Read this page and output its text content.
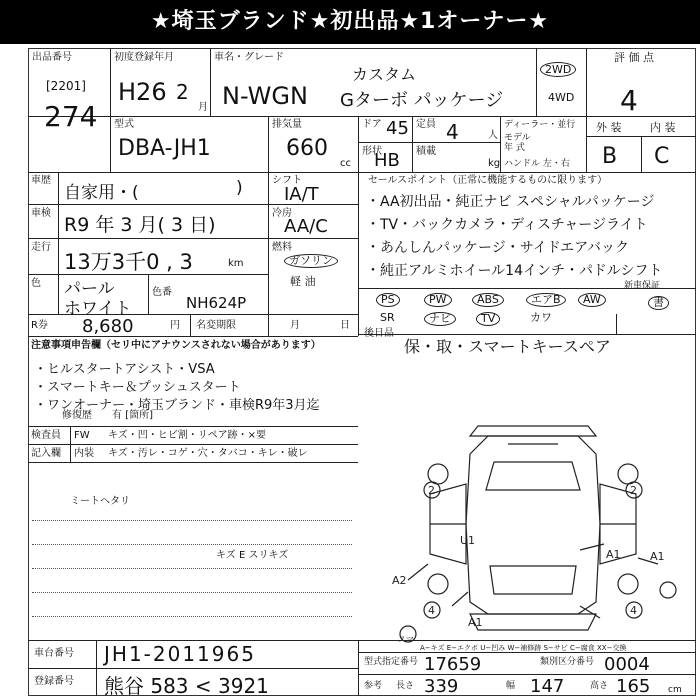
★埼玉ブランド★初出品★1オーナー★
出品番号
[2201]
274
初度登録年月
H26 2
月
車名・グレード
カスタム
N-WGN Gターボ パッケージ
2WD
4WD
評 価 点
4
型式
DBA-JH1
排気量
660
cc
ドア 45
形状
HB
定員 4	人
積載
kg
ディーラー・並行
モデル
年 式
ハンドル 左・右
外 装	内 装
B C
車歴
自家用・(	)
車検
R9 年 3 月( 3 日)
走行
13万3千0 , 3	km
色 パール
ホワイト
色番
NH624P
R券 8,680	円 名変期限	月	日
シフト
IA/T
冷房
AA/C
燃料
ガソリン
軽 油
セールスポイント（正常に機能するものに限ります）
・AA初出品・純正ナビ スペシャルパッケージ
・TV・バックカメラ・ディスチャージライト
・あんしんパッケージ・サイドエアバック
・純正アルミホイール14インチ・パドルシフト
PS	PW	ABS	エアB	AW
SR	ナビ	TV	カワ
新車保証
書
後日品
保・取・スマートキースペア
注意事項申告欄（セリ中にアナウンスされない場合があります）
・ヒルスタートアシスト・VSA
・スマートキー＆プッシュスタート
・ワンオーナー・埼玉ブランド・車検R9年3月迄
修復歴 有 [箇所]
検査員
記入欄
FW キズ・凹・ヒビ割・リペア跡・×要
内装 キズ・汚レ・コゲ・穴・タバコ・キレ・破レ
ミートヘタリ
キズ E スリキズ
2	2
U1
A1
A2
A1
4	4
A1
スマ
車台番号 JH1-2011965
登録番号 熊谷 583 < 3921
A−キズ E−エクボ U−凹み W−補修跡 S−サビ C−腐食 XX−交換
型式指定番号 17659	類別区分番号 0004
参考 長さ 339	幅 147	高さ 165 cm
